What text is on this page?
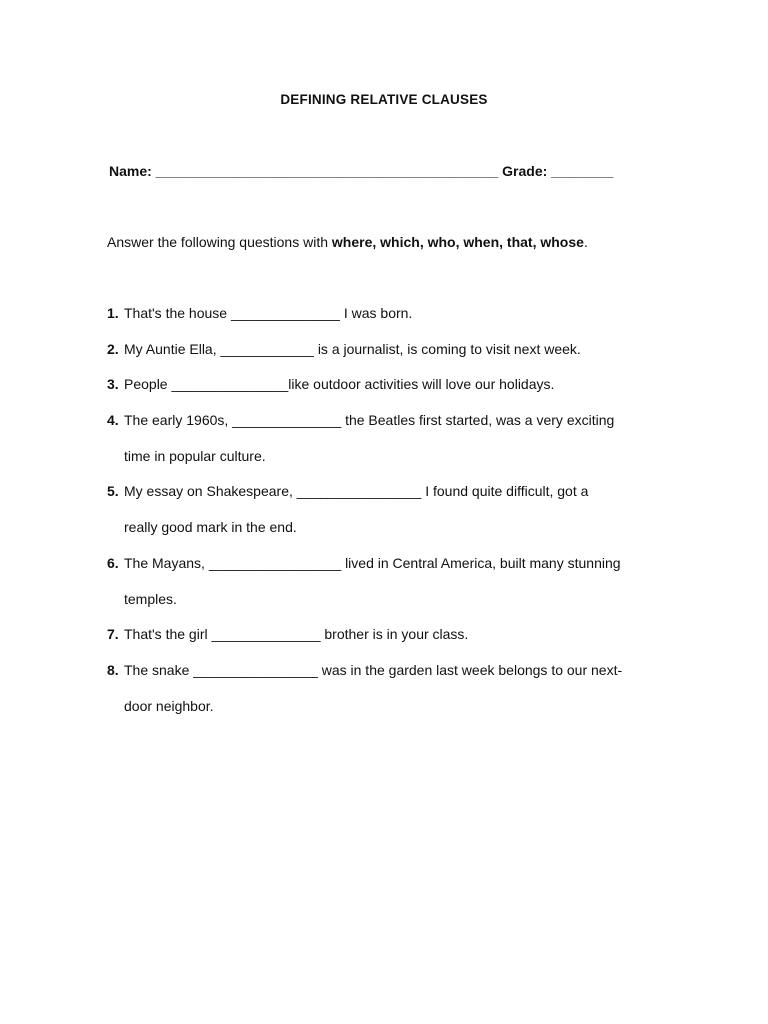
DEFINING RELATIVE CLAUSES
Name: ____________________________________________ Grade: ________
Answer the following questions with where, which, who, when, that, whose.
1. That's the house ______________ I was born.
2. My Auntie Ella, ____________ is a journalist, is coming to visit next week.
3. People _______________like outdoor activities will love our holidays.
4. The early 1960s, ______________ the Beatles first started, was a very exciting
time in popular culture.
5. My essay on Shakespeare, ________________ I found quite difficult, got a
really good mark in the end.
6. The Mayans, _________________ lived in Central America, built many stunning
temples.
7. That's the girl ______________ brother is in your class.
8. The snake ________________ was in the garden last week belongs to our next-
door neighbor.
